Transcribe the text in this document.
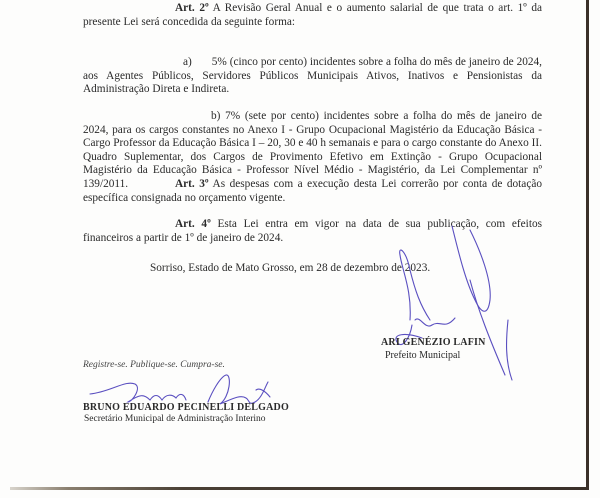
Art. 2º A Revisão Geral Anual e o aumento salarial de que trata o art. 1º da presente Lei será concedida da seguinte forma:

a) 5% (cinco por cento) incidentes sobre a folha do mês de janeiro de 2024, aos Agentes Públicos, Servidores Públicos Municipais Ativos, Inativos e Pensionistas da Administração Direta e Indireta.

b) 7% (sete por cento) incidentes sobre a folha do mês de janeiro de 2024, para os cargos constantes no Anexo I - Grupo Ocupacional Magistério da Educação Básica - Cargo Professor da Educação Básica I – 20, 30 e 40 h semanais e para o cargo constante do Anexo II. Quadro Suplementar, dos Cargos de Provimento Efetivo em Extinção - Grupo Ocupacional Magistério da Educação Básica - Professor Nível Médio - Magistério, da Lei Complementar nº 139/2011.	Art. 3º As despesas com a execução desta Lei correrão por conta de dotação específica consignada no orçamento vigente.

Art. 4º Esta Lei entra em vigor na data de sua publicação, com efeitos financeiros a partir de 1º de janeiro de 2024.

Sorriso, Estado de Mato Grosso, em 28 de dezembro de 2023.
ARI GENÉZIO LAFIN
Prefeito Municipal
Registre-se. Publique-se. Cumpra-se.
BRUNO EDUARDO PECINELLI DELGADO
Secretário Municipal de Administração Interino
